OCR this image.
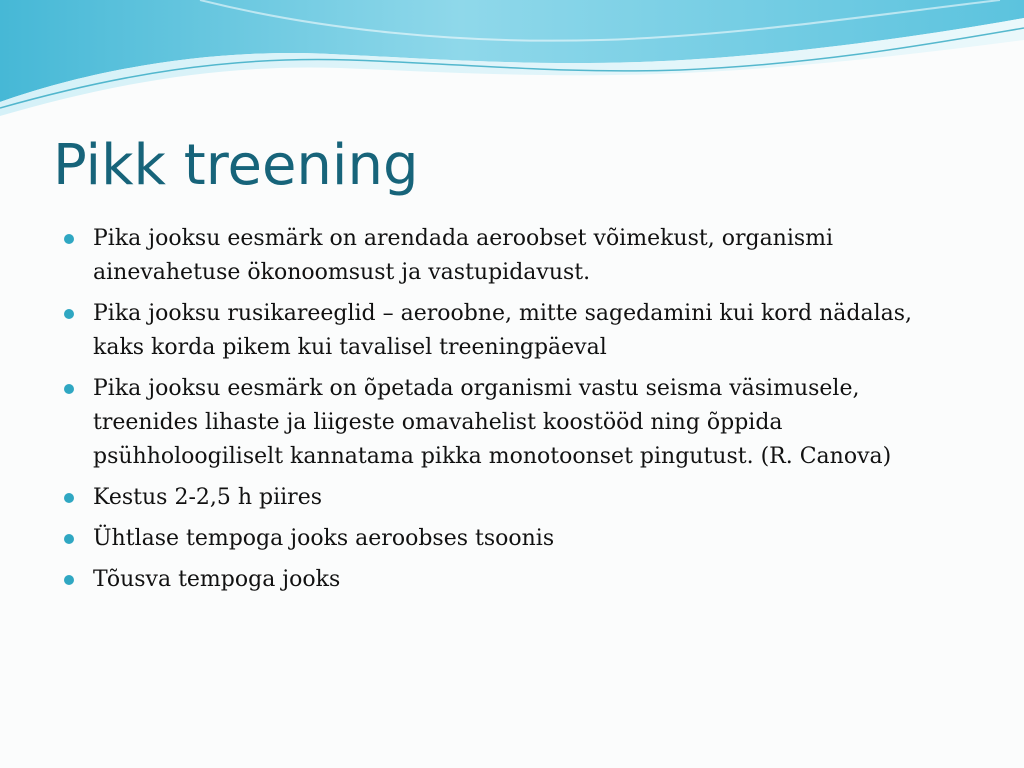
Pikk treening
Pika jooksu eesmärk on arendada aeroobset võimekust, organismi ainevahetuse ökonoomsust ja vastupidavust.
Pika jooksu rusikareeglid – aeroobne, mitte sagedamini kui kord nädalas, kaks korda pikem kui tavalisel treeningpäeval
Pika jooksu eesmärk on õpetada organismi vastu seisma väsimusele, treenides lihaste ja liigeste omavahelist koostööd ning õppida psühholoogiliselt kannatama pikka monotoonset pingutust. (R. Canova)
Kestus 2-2,5 h piires
Ühtlase tempoga jooks aeroobses tsoonis
Tõusva tempoga jooks
